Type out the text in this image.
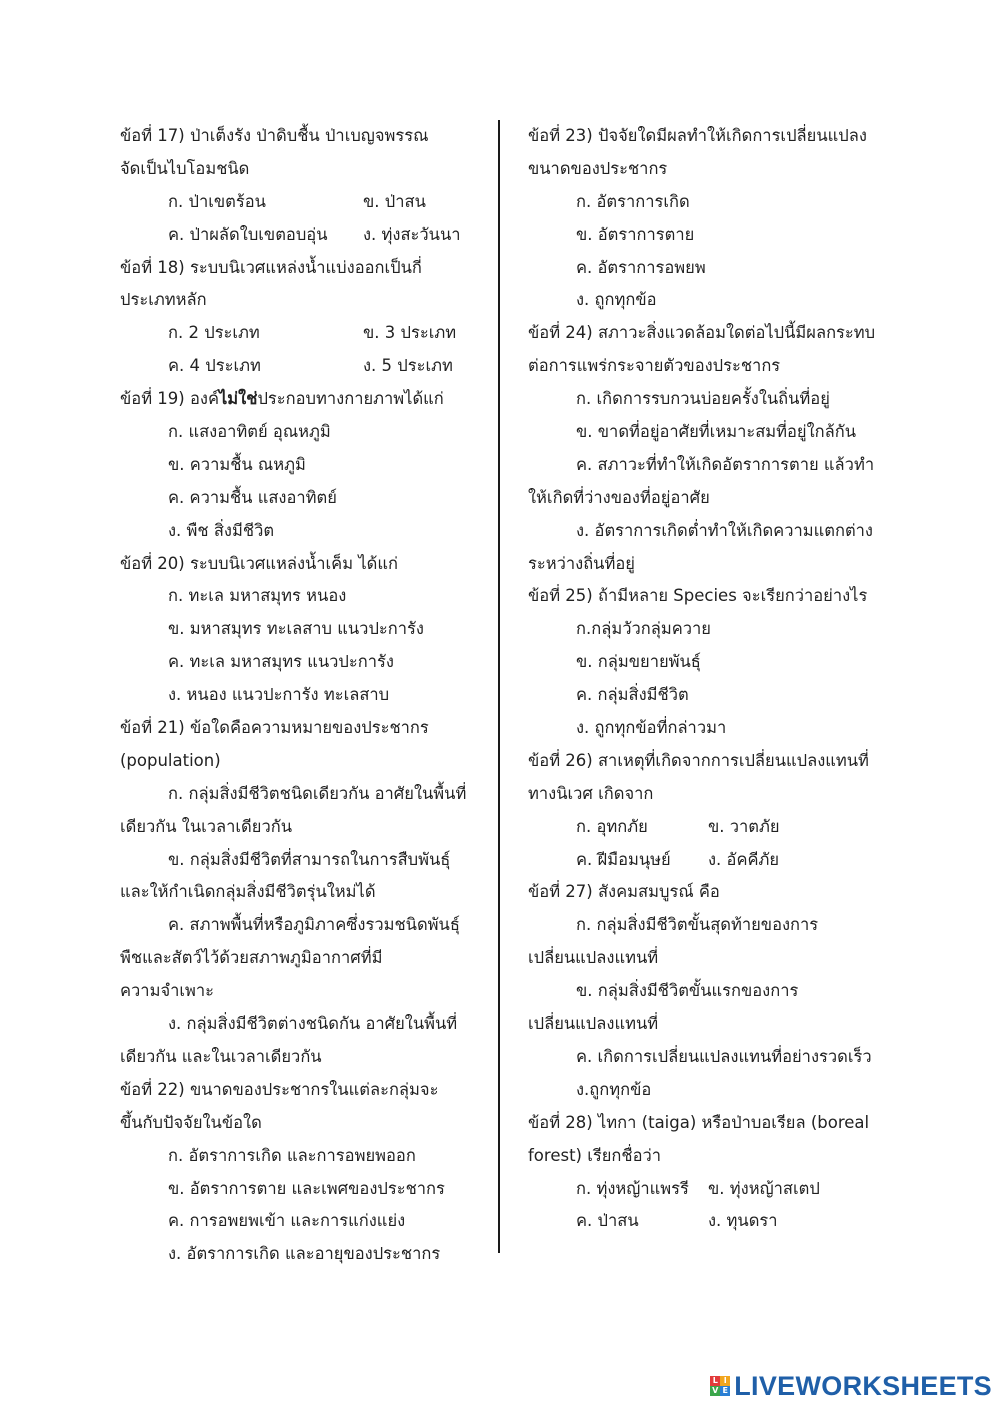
ข้อที่ 17) ป่าเต็งรัง ป่าดิบชื้น ป่าเบญจพรรณ
จัดเป็นไบโอมชนิด
ก. ป่าเขตร้อน	ข. ป่าสน
ค. ป่าผลัดใบเขตอบอุ่น ง. ทุ่งสะวันนา
ข้อที่ 18) ระบบนิเวศแหล่งน้ำแบ่งออกเป็นกี่
ประเภทหลัก
ก. 2 ประเภท	ข. 3 ประเภท
ค. 4 ประเภท	ง. 5 ประเภท
ข้อที่ 19) องค์ไม่ใช่ประกอบทางกายภาพได้แก่
ก. แสงอาทิตย์ อุณหภูมิ
ข. ความชื้น ณหภูมิ
ค. ความชื้น แสงอาทิตย์
ง. พืช สิ่งมีชีวิต
ข้อที่ 20) ระบบนิเวศแหล่งน้ำเค็ม ได้แก่
ก. ทะเล มหาสมุทร หนอง
ข. มหาสมุทร ทะเลสาบ แนวปะการัง
ค. ทะเล มหาสมุทร แนวปะการัง
ง. หนอง แนวปะการัง ทะเลสาบ
ข้อที่ 21) ข้อใดคือความหมายของประชากร
(population)
ก. กลุ่มสิ่งมีชีวิตชนิดเดียวกัน อาศัยในพื้นที่
เดียวกัน ในเวลาเดียวกัน
ข. กลุ่มสิ่งมีชีวิตที่สามารถในการสืบพันธุ์
และให้กำเนิดกลุ่มสิ่งมีชีวิตรุ่นใหม่ได้
ค. สภาพพื้นที่หรือภูมิภาคซึ่งรวมชนิดพันธุ์
พืชและสัตว์ไว้ด้วยสภาพภูมิอากาศที่มี
ความจำเพาะ
ง. กลุ่มสิ่งมีชีวิตต่างชนิดกัน อาศัยในพื้นที่
เดียวกัน และในเวลาเดียวกัน
ข้อที่ 22) ขนาดของประชากรในแต่ละกลุ่มจะ
ขึ้นกับปัจจัยในข้อใด
ก. อัตราการเกิด และการอพยพออก
ข. อัตราการตาย และเพศของประชากร
ค. การอพยพเข้า และการแก่งแย่ง
ง. อัตราการเกิด และอายุของประชากร
ข้อที่ 23) ปัจจัยใดมีผลทำให้เกิดการเปลี่ยนแปลง
ขนาดของประชากร
ก. อัตราการเกิด
ข. อัตราการตาย
ค. อัตราการอพยพ
ง. ถูกทุกข้อ
ข้อที่ 24) สภาวะสิ่งแวดล้อมใดต่อไปนี้มีผลกระทบ
ต่อการแพร่กระจายตัวของประชากร
ก. เกิดการรบกวนบ่อยครั้งในถิ่นที่อยู่
ข. ขาดที่อยู่อาศัยที่เหมาะสมที่อยู่ใกล้กัน
ค. สภาวะที่ทำให้เกิดอัตราการตาย แล้วทำ
ให้เกิดที่ว่างของที่อยู่อาศัย
ง. อัตราการเกิดต่ำทำให้เกิดความแตกต่าง
ระหว่างถิ่นที่อยู่
ข้อที่ 25) ถ้ามีหลาย Species จะเรียกว่าอย่างไร
ก.กลุ่มวัวกลุ่มควาย
ข. กลุ่มขยายพันธุ์
ค. กลุ่มสิ่งมีชีวิต
ง. ถูกทุกข้อที่กล่าวมา
ข้อที่ 26) สาเหตุที่เกิดจากการเปลี่ยนแปลงแทนที่
ทางนิเวศ เกิดจาก
ก. อุทกภัย	ข. วาตภัย
ค. ฝีมือมนุษย์ ง. อัคคีภัย
ข้อที่ 27) สังคมสมบูรณ์ คือ
ก. กลุ่มสิ่งมีชีวิตขั้นสุดท้ายของการ
เปลี่ยนแปลงแทนที่
ข. กลุ่มสิ่งมีชีวิตขั้นแรกของการ
เปลี่ยนแปลงแทนที่
ค. เกิดการเปลี่ยนแปลงแทนที่อย่างรวดเร็ว
ง.ถูกทุกข้อ
ข้อที่ 28) ไทกา (taiga) หรือป่าบอเรียล (boreal
forest) เรียกชื่อว่า
ก. ทุ่งหญ้าแพรรี ข. ทุ่งหญ้าสเตป
ค. ป่าสน	ง. ทุนดรา
L I
V E LIVEWORKSHEETS
